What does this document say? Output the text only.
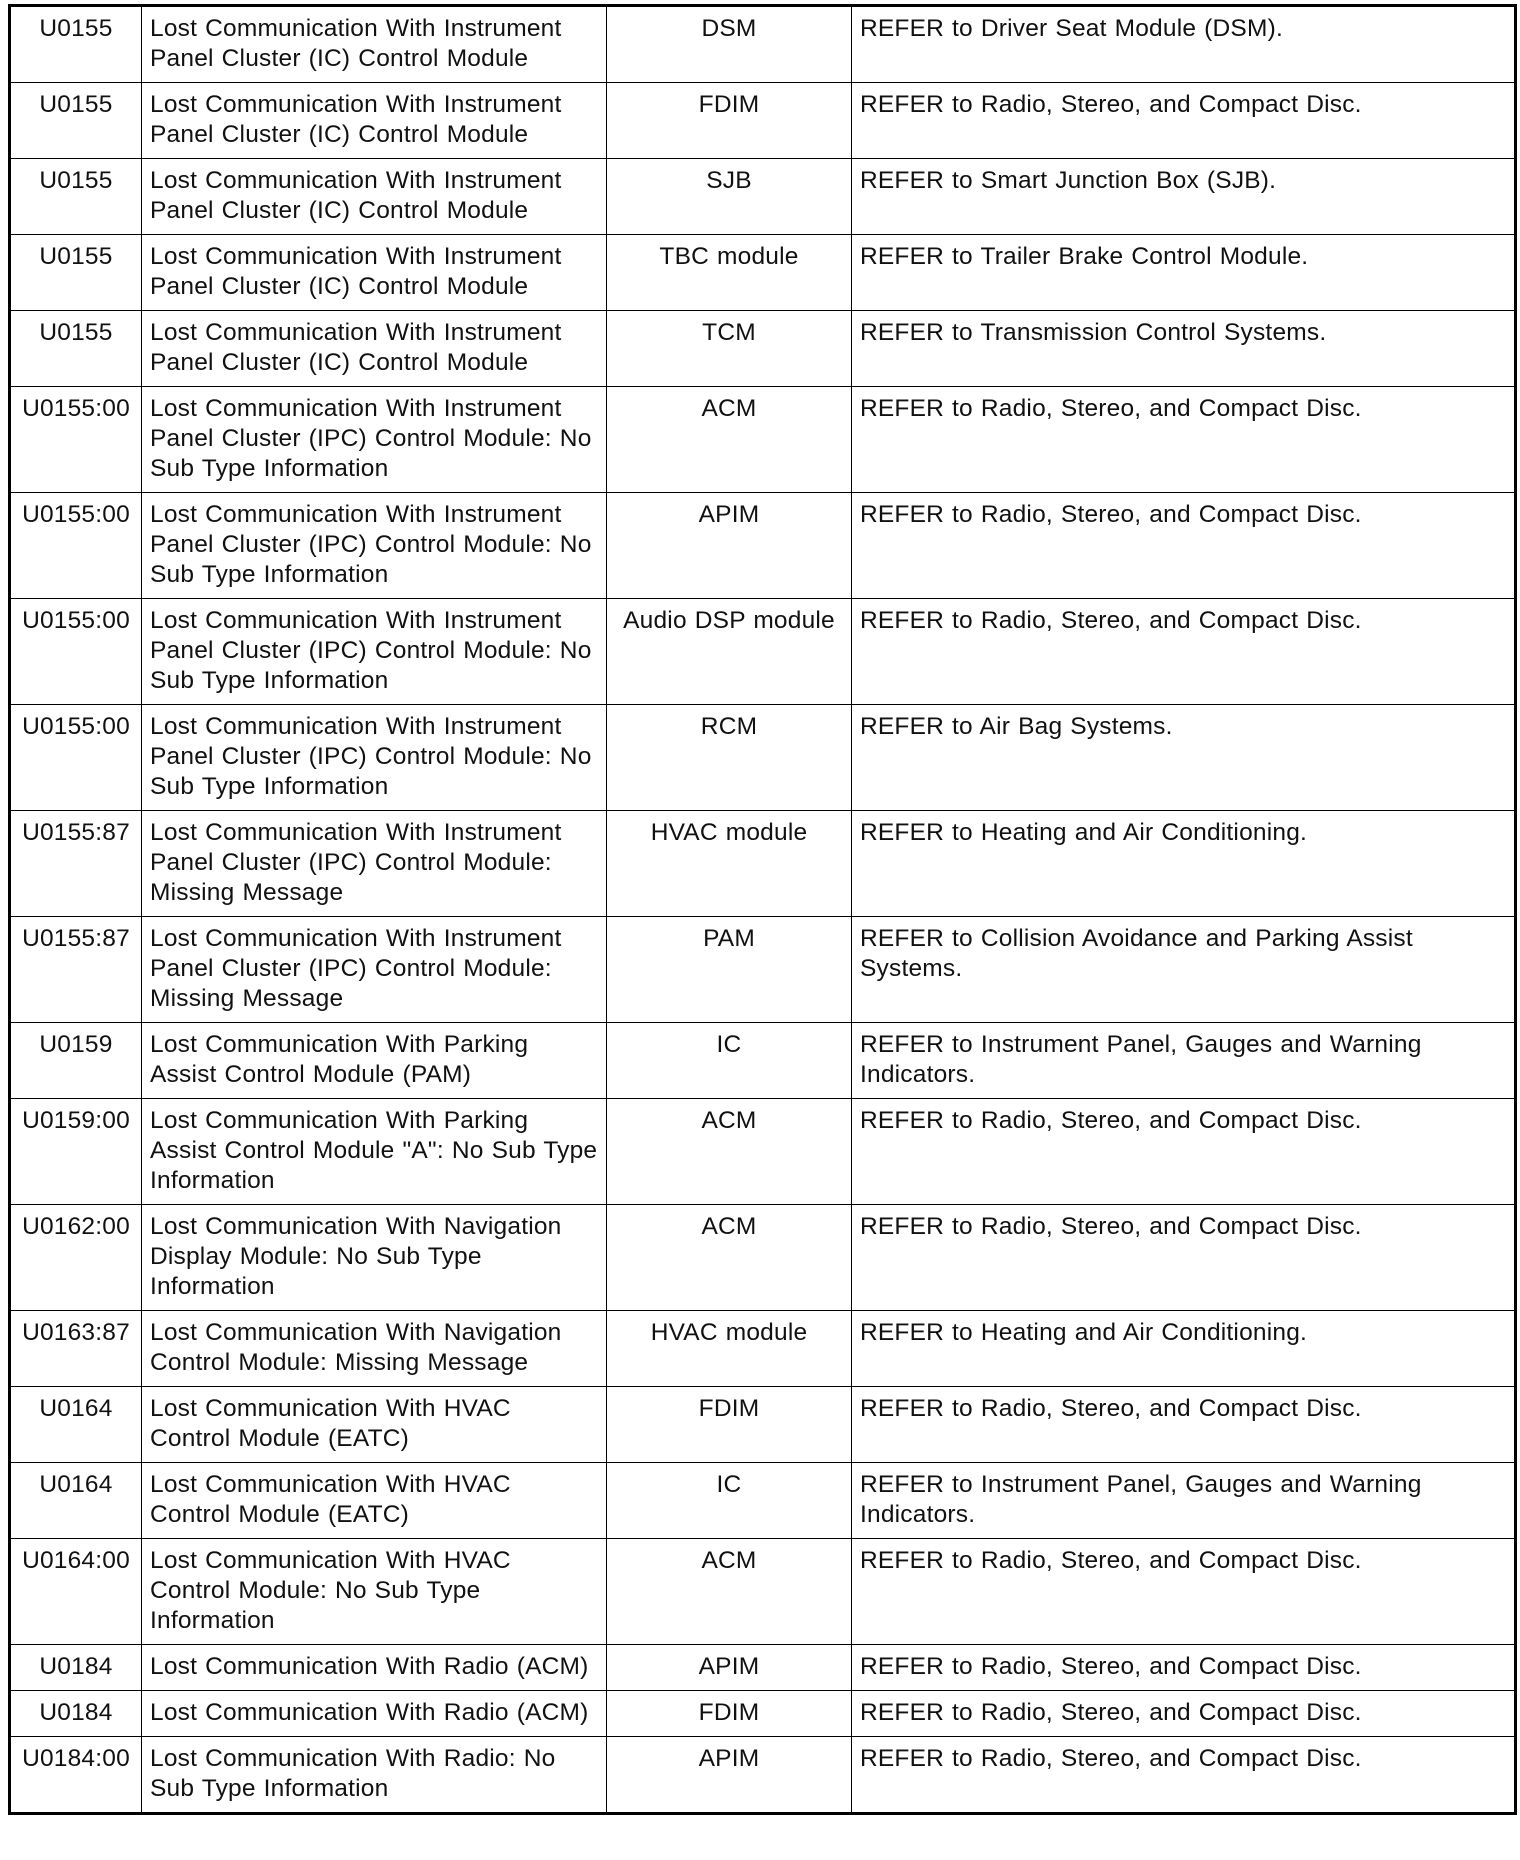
U0155	Lost Communication With Instrument Panel Cluster (IC) Control Module	DSM	REFER to Driver Seat Module (DSM).
U0155	Lost Communication With Instrument Panel Cluster (IC) Control Module	FDIM	REFER to Radio, Stereo, and Compact Disc.
U0155	Lost Communication With Instrument Panel Cluster (IC) Control Module	SJB	REFER to Smart Junction Box (SJB).
U0155	Lost Communication With Instrument Panel Cluster (IC) Control Module	TBC module	REFER to Trailer Brake Control Module.
U0155	Lost Communication With Instrument Panel Cluster (IC) Control Module	TCM	REFER to Transmission Control Systems.
U0155:00	Lost Communication With Instrument Panel Cluster (IPC) Control Module: No Sub Type Information	ACM	REFER to Radio, Stereo, and Compact Disc.
U0155:00	Lost Communication With Instrument Panel Cluster (IPC) Control Module: No Sub Type Information	APIM	REFER to Radio, Stereo, and Compact Disc.
U0155:00	Lost Communication With Instrument Panel Cluster (IPC) Control Module: No Sub Type Information	Audio DSP module	REFER to Radio, Stereo, and Compact Disc.
U0155:00	Lost Communication With Instrument Panel Cluster (IPC) Control Module: No Sub Type Information	RCM	REFER to Air Bag Systems.
U0155:87	Lost Communication With Instrument Panel Cluster (IPC) Control Module: Missing Message	HVAC module	REFER to Heating and Air Conditioning.
U0155:87	Lost Communication With Instrument Panel Cluster (IPC) Control Module: Missing Message	PAM	REFER to Collision Avoidance and Parking Assist Systems.
U0159	Lost Communication With Parking Assist Control Module (PAM)	IC	REFER to Instrument Panel, Gauges and Warning Indicators.
U0159:00	Lost Communication With Parking Assist Control Module "A": No Sub Type Information	ACM	REFER to Radio, Stereo, and Compact Disc.
U0162:00	Lost Communication With Navigation Display Module: No Sub Type Information	ACM	REFER to Radio, Stereo, and Compact Disc.
U0163:87	Lost Communication With Navigation Control Module: Missing Message	HVAC module	REFER to Heating and Air Conditioning.
U0164	Lost Communication With HVAC Control Module (EATC)	FDIM	REFER to Radio, Stereo, and Compact Disc.
U0164	Lost Communication With HVAC Control Module (EATC)	IC	REFER to Instrument Panel, Gauges and Warning Indicators.
U0164:00	Lost Communication With HVAC Control Module: No Sub Type Information	ACM	REFER to Radio, Stereo, and Compact Disc.
U0184	Lost Communication With Radio (ACM)	APIM	REFER to Radio, Stereo, and Compact Disc.
U0184	Lost Communication With Radio (ACM)	FDIM	REFER to Radio, Stereo, and Compact Disc.
U0184:00	Lost Communication With Radio: No Sub Type Information	APIM	REFER to Radio, Stereo, and Compact Disc.
